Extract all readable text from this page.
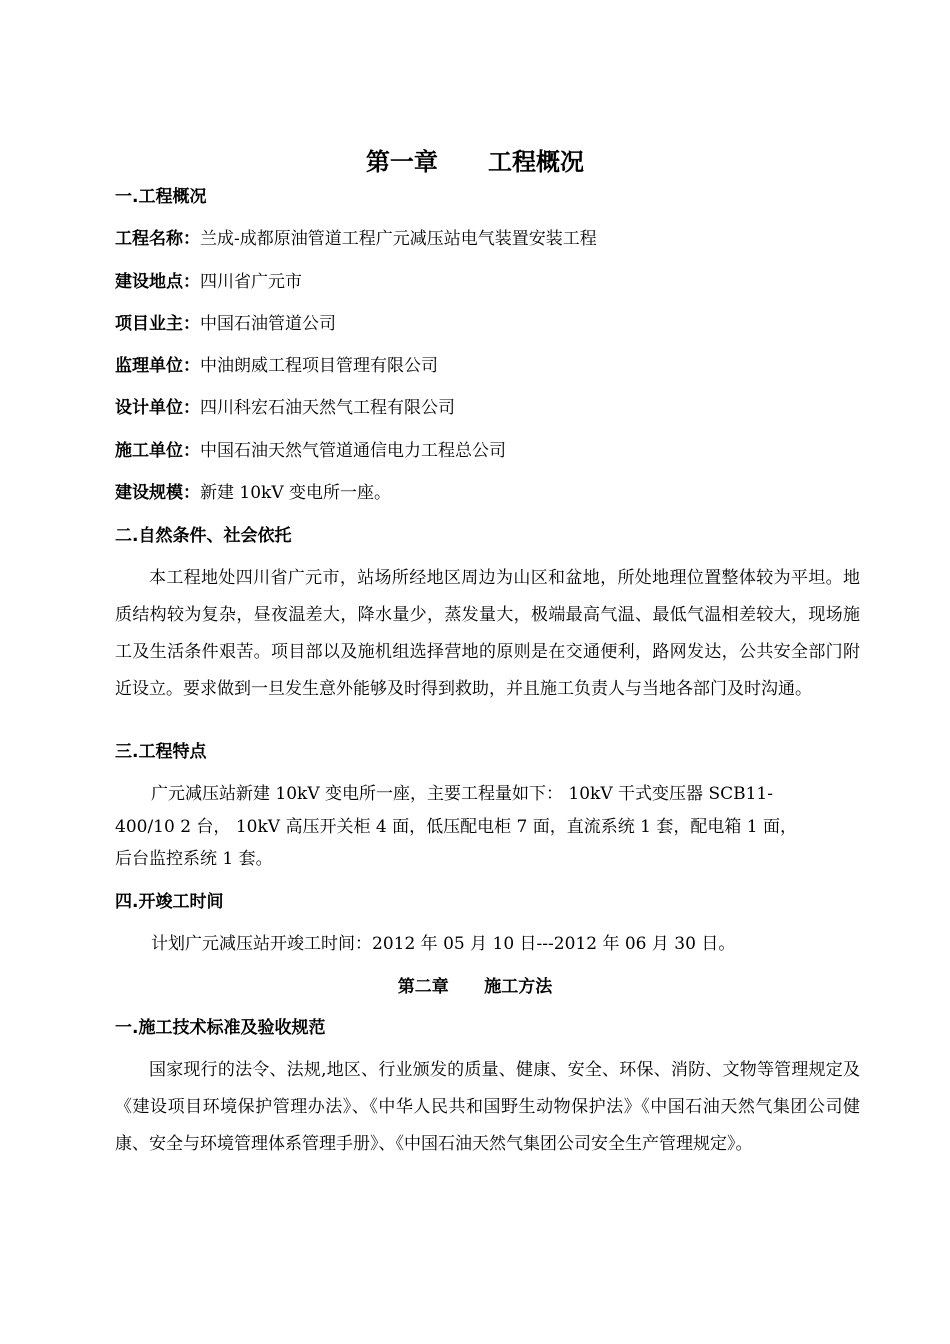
第一章      工程概况
一.工程概况
工程名称：兰成-成都原油管道工程广元减压站电气装置安装工程
建设地点：四川省广元市
项目业主：中国石油管道公司
监理单位：中油朗威工程项目管理有限公司
设计单位：四川科宏石油天然气工程有限公司
施工单位：中国石油天然气管道通信电力工程总公司
建设规模：新建 10kV 变电所一座。
二.自然条件、社会依托
本工程地处四川省广元市，站场所经地区周边为山区和盆地，所处地理位置整体较为平坦。地质结构较为复杂，昼夜温差大，降水量少，蒸发量大，极端最高气温、最低气温相差较大，现场施工及生活条件艰苦。项目部以及施机组选择营地的原则是在交通便利，路网发达，公共安全部门附近设立。要求做到一旦发生意外能够及时得到救助，并且施工负责人与当地各部门及时沟通。
三.工程特点
广元减压站新建 10kV 变电所一座，主要工程量如下： 10kV 干式变压器 SCB11-
400/10 2 台， 10kV 高压开关柜 4 面，低压配电柜 7 面，直流系统 1 套，配电箱 1 面，
后台监控系统 1 套。
四.开竣工时间
计划广元减压站开竣工时间：2012 年 05 月 10 日---2012 年 06 月 30 日。
第二章      施工方法
一.施工技术标准及验收规范
国家现行的法令、法规,地区、行业颁发的质量、健康、安全、环保、消防、文物等管理规定及《建设项目环境保护管理办法》、《中华人民共和国野生动物保护法》《中国石油天然气集团公司健康、安全与环境管理体系管理手册》、《中国石油天然气集团公司安全生产管理规定》。
